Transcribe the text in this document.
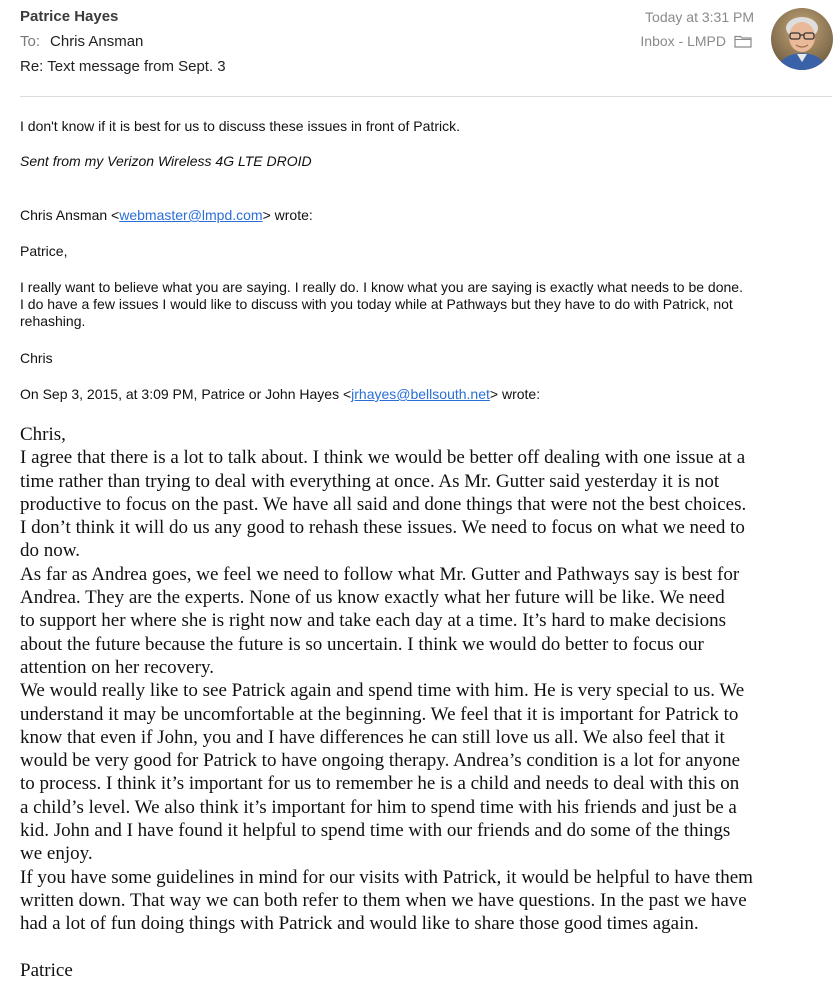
Patrice Hayes
To: Chris Ansman
Re: Text message from Sept. 3
Today at 3:31 PM
Inbox - LMPD

I don't know if it is best for us to discuss these issues in front of Patrick.

Sent from my Verizon Wireless 4G LTE DROID

Chris Ansman <webmaster@lmpd.com> wrote:

Patrice,

I really want to believe what you are saying. I really do. I know what you are saying is exactly what needs to be done.

I do have a few issues I would like to discuss with you today while at Pathways but they have to do with Patrick, not

rehashing.

Chris

On Sep 3, 2015, at 3:09 PM, Patrice or John Hayes <jrhayes@bellsouth.net> wrote:

Chris,
I agree that there is a lot to talk about. I think we would be better off dealing with one issue at a
time rather than trying to deal with everything at once. As Mr. Gutter said yesterday it is not
productive to focus on the past. We have all said and done things that were not the best choices.
I don’t think it will do us any good to rehash these issues. We need to focus on what we need to
do now.
As far as Andrea goes, we feel we need to follow what Mr. Gutter and Pathways say is best for
Andrea. They are the experts. None of us know exactly what her future will be like. We need
to support her where she is right now and take each day at a time. It’s hard to make decisions
about the future because the future is so uncertain. I think we would do better to focus our
attention on her recovery.
We would really like to see Patrick again and spend time with him. He is very special to us. We
understand it may be uncomfortable at the beginning. We feel that it is important for Patrick to
know that even if John, you and I have differences he can still love us all. We also feel that it
would be very good for Patrick to have ongoing therapy. Andrea’s condition is a lot for anyone
to process. I think it’s important for us to remember he is a child and needs to deal with this on
a child’s level. We also think it’s important for him to spend time with his friends and just be a
kid. John and I have found it helpful to spend time with our friends and do some of the things
we enjoy.
If you have some guidelines in mind for our visits with Patrick, it would be helpful to have them
written down. That way we can both refer to them when we have questions. In the past we have
had a lot of fun doing things with Patrick and would like to share those good times again.
Patrice
